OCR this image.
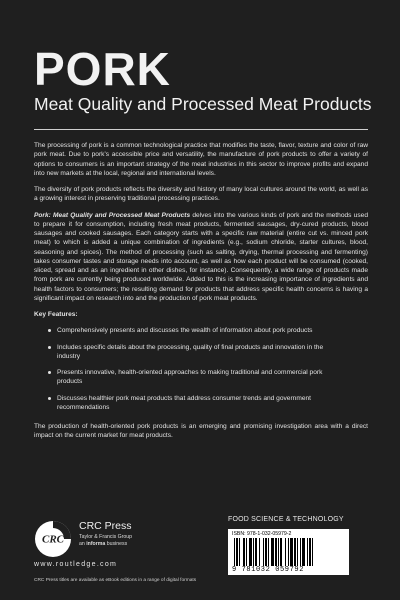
PORK
Meat Quality and Processed Meat Products

The processing of pork is a common technological practice that modifies the taste, flavor, texture and color of raw pork meat. Due to pork’s accessible price and versatility, the manufacture of pork products to offer a variety of options to consumers is an important strategy of the meat industries in this sector to improve profits and expand into new markets at the local, regional and international levels.

The diversity of pork products reflects the diversity and history of many local cultures around the world, as well as a growing interest in preserving traditional processing practices.

Pork: Meat Quality and Processed Meat Products delves into the various kinds of pork and the methods used to prepare it for consumption, including fresh meat products, fermented sausages, dry-cured products, blood sausages and cooked sausages. Each category starts with a specific raw material (entire cut vs. minced pork meat) to which is added a unique combination of ingredients (e.g., sodium chloride, starter cultures, blood, seasoning and spices). The method of processing (such as salting, drying, thermal processing and fermenting) takes consumer tastes and storage needs into account, as well as how each product will be consumed (cooked, sliced, spread and as an ingredient in other dishes, for instance). Consequently, a wide range of products made from pork are currently being produced worldwide. Added to this is the increasing importance of ingredients and health factors to consumers; the resulting demand for products that address specific health concerns is having a significant impact on research into and the production of pork meat products.

Key Features:

Comprehensively presents and discusses the wealth of information about pork products
Includes specific details about the processing, quality of final products and innovation in the industry
Presents innovative, health-oriented approaches to making traditional and commercial pork products
Discusses healthier pork meat products that address consumer trends and government recommendations

The production of health-oriented pork products is an emerging and promising investigation area with a direct impact on the current market for meat products.

FOOD SCIENCE & TECHNOLOGY
ISBN: 978-1-032-05979-2
9 781032 059792
CRC
CRC Press
Taylor & Francis Group
an informa business
www.routledge.com
CRC Press titles are available as eBook editions in a range of digital formats
